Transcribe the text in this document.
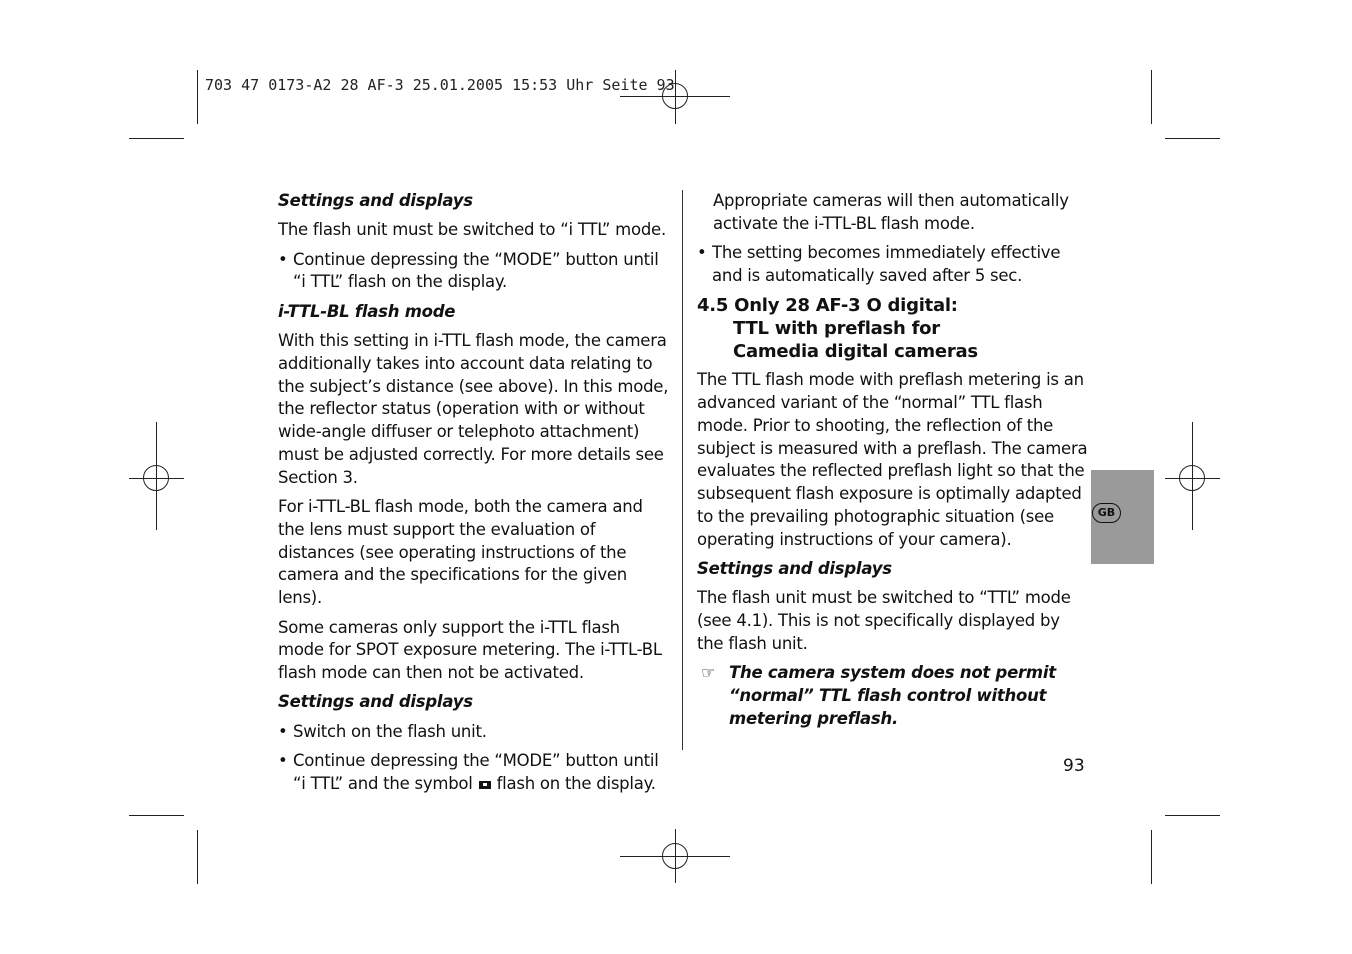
703 47 0173-A2 28 AF-3 25.01.2005 15:53 Uhr Seite 93
Settings and displays

The flash unit must be switched to “i TTL” mode.

• Continue depressing the “MODE” button until “i TTL” flash on the display.
i-TTL-BL flash mode

With this setting in i-TTL flash mode, the camera additionally takes into account data relating to the subject’s distance (see above). In this mode, the reflector status (operation with or without wide-angle diffuser or telephoto attachment) must be adjusted correctly. For more details see Section 3.

For i-TTL-BL flash mode, both the camera and the lens must support the evaluation of distances (see operating instructions of the camera and the specifications for the given lens).

Some cameras only support the i-TTL flash mode for SPOT exposure metering. The i-TTL-BL flash mode can then not be activated.

Settings and displays
• Switch on the flash unit.
• Continue depressing the “MODE” button until “i TTL” and the symbol flash on the display.

Appropriate cameras will then automatically activate the i-TTL-BL flash mode.

• The setting becomes immediately effective and is automatically saved after 5 sec.
4.5 Only 28 AF-3 O digital:
TTL with preflash for
Camedia digital cameras

The TTL flash mode with preflash metering is an advanced variant of the “normal” TTL flash mode. Prior to shooting, the reflection of the subject is measured with a preflash. The camera evaluates the reflected preflash light so that the subsequent flash exposure is optimally adapted to the prevailing photographic situation (see operating instructions of your camera).

Settings and displays

The flash unit must be switched to “TTL” mode (see 4.1). This is not specifically displayed by the flash unit.

☞ The camera system does not permit “normal” TTL flash control without metering preflash.
GB
93
